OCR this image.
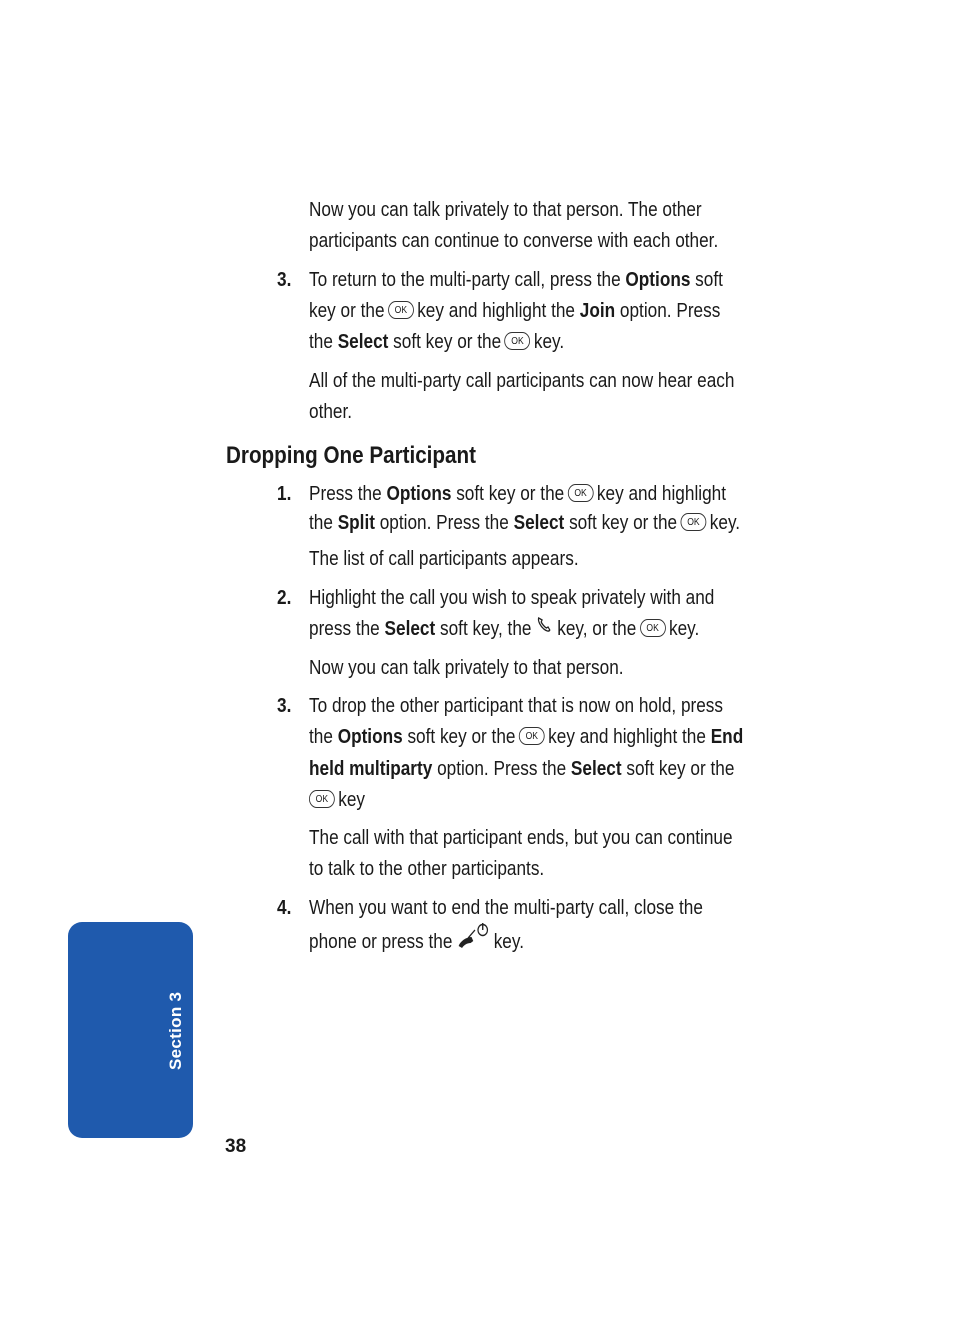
Now you can talk privately to that person. The other
participants can continue to converse with each other.
3. To return to the multi-party call, press the Options soft
key or the OK key and highlight the Join option. Press
the Select soft key or the OK key.
All of the multi-party call participants can now hear each
other.
Dropping One Participant
1. Press the Options soft key or the OK key and highlight
the Split option. Press the Select soft key or the OK key.
The list of call participants appears.
2. Highlight the call you wish to speak privately with and
press the Select soft key, the key, or the OK key.
Now you can talk privately to that person.
3. To drop the other participant that is now on hold, press
the Options soft key or the OK key and highlight the End
held multiparty option. Press the Select soft key or the
OK key
The call with that participant ends, but you can continue
to talk to the other participants.
4. When you want to end the multi-party call, close the
phone or press the key.
Section 3
38
